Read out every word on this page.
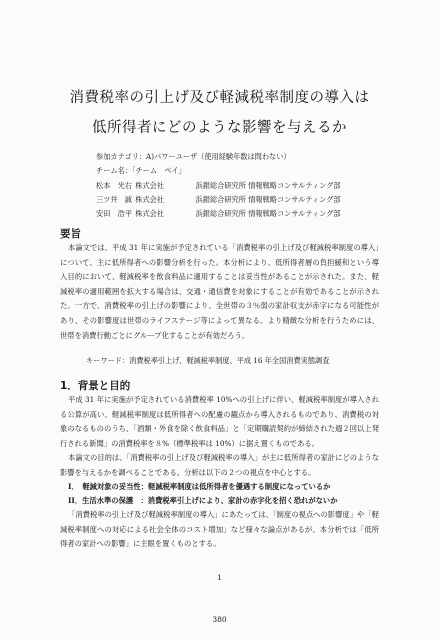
消費税率の引上げ及び軽減税率制度の導入は
低所得者にどのような影響を与えるか
参加カテゴリ：A)パワーユーザ（使用経験年数は問わない）
チーム名：「チーム　ペイ」
松本　光右 株式会社	浜銀総合研究所 情報戦略コンサルティング部
三ツ井　誠 株式会社	浜銀総合研究所 情報戦略コンサルティング部
安田　浩平 株式会社	浜銀総合研究所 情報戦略コンサルティング部
要旨
本論文では、平成 31 年に実施が予定されている「消費税率の引上げ及び軽減税率制度の導入」について、主に低所得者への影響分析を行った。本分析により、低所得者層の負担緩和という導入目的において、軽減税率を飲食料品に適用することは妥当性があることが示された。また、軽減税率の適用範囲を拡大する場合は、交通・通信費を対象にすることが有効であることが示された。一方で、消費税率の引上げの影響により、全世帯の３％弱の家計収支が赤字になる可能性があり、その影響度は世帯のライフステージ等によって異なる。より精緻な分析を行うためには、世帯を消費行動ごとにグループ化することが有効だろう。
キーワード：消費税率引上げ、軽減税率制度、平成 16 年全国消費実態調査
1．背景と目的
平成 31 年に実施が予定されている消費税率 10%への引上げに伴い、軽減税率制度が導入される公算が高い。軽減税率制度は低所得者への配慮の観点から導入されるものであり、消費税の対象のなるもののうち、「酒類・外食を除く飲食料品」と「定期購読契約が締結された週２回以上発行される新聞」の消費税率を８%（標準税率は 10%）に据え置くものである。
本論文の目的は、「消費税率の引上げ及び軽減税率の導入」が主に低所得者の家計にどのような影響を与えるかを調べることである。分析は以下の２つの視点を中心とする。
I．　軽減対象の妥当性：軽減税率制度は低所得者を優遇する制度になっているか
II．生活水準の保護　：消費税率引上げにより、家計の赤字化を招く恐れがないか
「消費税率の引上げ及び軽減税率制度の導入」にあたっては、「制度の視点への影響度」や「軽減税率制度への対応による社会全体のコスト増加」など様々な論点があるが、本分析では「低所得者の家計への影響」に主眼を置くものとする。
1
380
